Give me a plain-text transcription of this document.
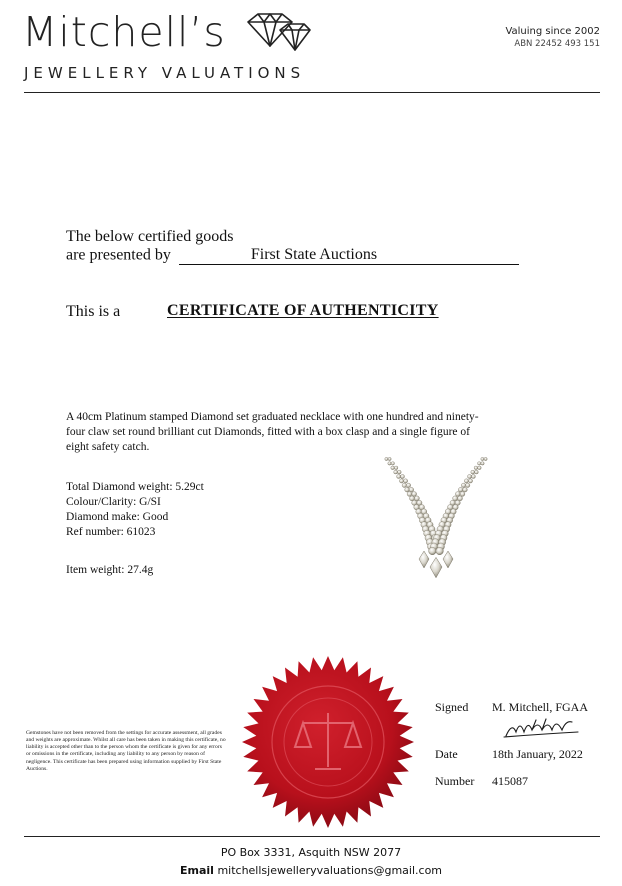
Mitchell’s
JEWELLERY VALUATIONS
Valuing since 2002
ABN 22452 493 151
The below certified goods
are presented by	First State Auctions
This is a	CERTIFICATE OF AUTHENTICITY
A 40cm Platinum stamped Diamond set graduated necklace with one hundred and ninety-four claw set round brilliant cut Diamonds, fitted with a box clasp and a single figure of eight safety catch.
Total Diamond weight: 5.29ct
Colour/Clarity: G/SI
Diamond make: Good
Ref number: 61023
Item weight: 27.4g
Gemstones have not been removed from the settings for accurate assessment, all grades and weights are approximate. Whilst all care has been taken in making this certificate, no liability is accepted other than to the person whom the certificate is given for any errors or omissions in the certificate, including any liability to any person by reason of negligence. This certificate has been prepared using information supplied by First State Auctions.
Signed M. Mitchell, FGAA
Date	18th January, 2022
Number 415087
PO Box 3331, Asquith NSW 2077
Email mitchellsjewelleryvaluations@gmail.com
